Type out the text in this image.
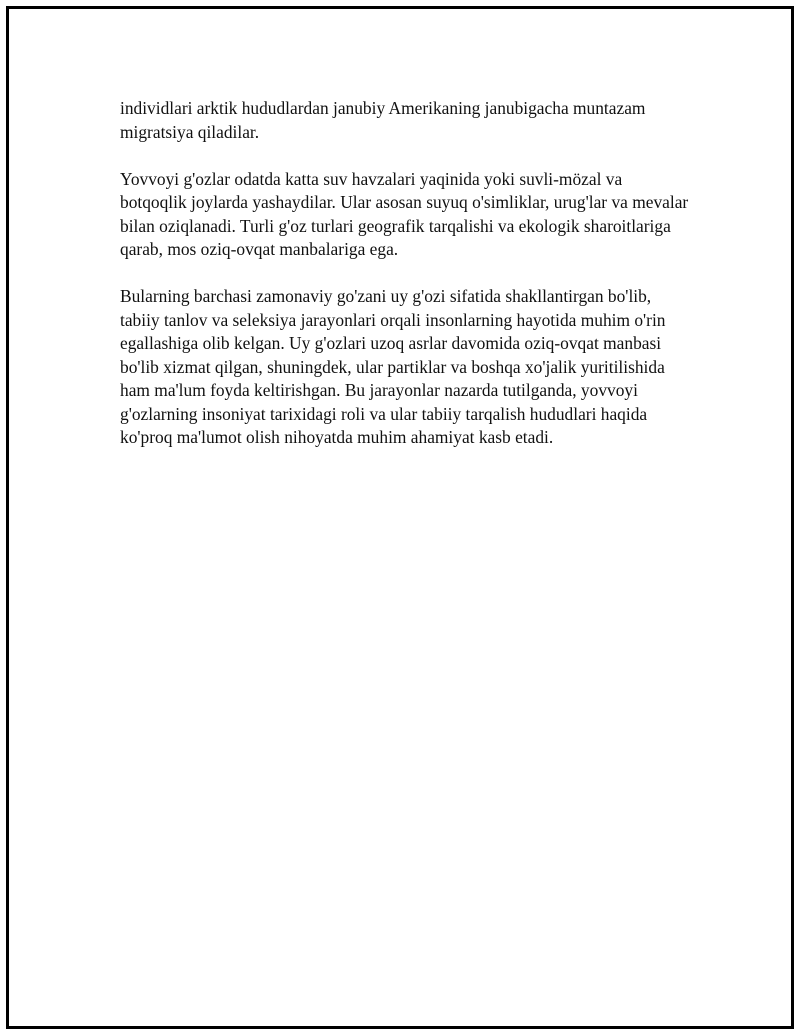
individlari arktik hududlardan janubiy Amerikaning janubigacha muntazam migratsiya qiladilar.

Yovvoyi g'ozlar odatda katta suv havzalari yaqinida yoki suvli-mözal va botqoqlik joylarda yashaydilar. Ular asosan suyuq o'simliklar, urug'lar va mevalar bilan oziqlanadi. Turli g'oz turlari geografik tarqalishi va ekologik sharoitlariga qarab, mos oziq-ovqat manbalariga ega.

Bularning barchasi zamonaviy go'zani uy g'ozi sifatida shakllantirgan bo'lib, tabiiy tanlov va seleksiya jarayonlari orqali insonlarning hayotida muhim o'rin egallashiga olib kelgan. Uy g'ozlari uzoq asrlar davomida oziq-ovqat manbasi bo'lib xizmat qilgan, shuningdek, ular partiklar va boshqa xo'jalik yuritilishida ham ma'lum foyda keltirishgan. Bu jarayonlar nazarda tutilganda, yovvoyi g'ozlarning insoniyat tarixidagi roli va ular tabiiy tarqalish hududlari haqida ko'proq ma'lumot olish nihoyatda muhim ahamiyat kasb etadi.
